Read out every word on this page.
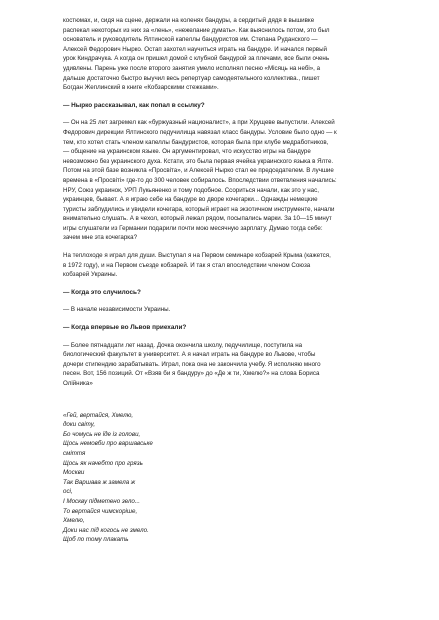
костюмах, и, сидя на сцене, держали на коленях бандуры, а сердитый дядя в вышивке
распекал некоторых из них за «лень», «нежелание думать». Как выяснилось потом, это был
основатель и руководитель Ялтинской капеллы бандуристов им. Степана Руданского —
Алексей Федорович Ныpко. Остап захотел научиться играть на бандуре. И начался первый
урок Киндрачука. А когда он пришел домой с клубной бандурой за плечами, все были очень
удивлены. Парень уже после второго занятия умело исполнял песню «Місяць на небі», а
дальше достаточно быстро выучил весь репертуар самодеятельного коллектива., пишет
Богдан Жеплинский в книге «Кобзарскими стежками».
— Ныpко рассказывал, как попал в ссылку?
— Он на 25 лет загремел как «буржуазный националист», а при Хрущеве выпустили. Алексей
Федорович дирекции Ялтинского педучилища навязал класс бандуры. Условие было одно — к
тем, кто хотел стать членом капеллы бандуристов, которая была при клубе медработников,
— общение на украинском языке. Он аргументировал, что искусство игры на бандуре
невозможно без украинского духа. Кстати, это была первая ячейка украинского языка в Ялте.
Потом на этой базе возникла «Просвіта», и Алексей Ныpко стал ее председателем. В лучшие
времена в «Просвіті» где-то до 300 человек собиралось. Впоследствии ответвления начались:
НРУ, Союз украинок, УРП Лукьяненко и тому подобное. Ссориться начали, как это у нас,
украинцев, бывает. А я играю себе на бандуре во дворе кочегарки... Однажды немецкие
туристы заблудились и увидели кочегара, который играет на экзотичном инструменте, начали
внимательно слушать. А в чехол, который лежал рядом, посыпались марки. За 10—15 минут
игры слушатели из Германии подарили почти мою месячную зарплату. Думаю тогда себе:
зачем мне эта кочегарка?
На теплоходе я играл для души. Выступал я на Первом семинаре кобзарей Крыма (кажется,
в 1972 году), и на Первом съезде кобзарей. И так я стал впоследствии членом Союза
кобзарей Украины.
— Когда это случилось?
— В начале независимости Украины.
— Когда впервые во Львов приехали?
— Более пятнадцати лет назад. Дочка окончила школу, педучилище, поступила на
биологический факультет в университет. А я начал играть на бандуре во Львове, чтобы
дочери стипендию зарабатывать. Играл, пока она не закончила учебу. Я исполняю много
песен. Вот, 156 позиций. От «Взяв би я бандуру» до «Де ж ти, Хмелю?» на слова Бориса
Олійника»
«Гей, вертайся, Хмелю,
доки світу,
Бо чомусь не їде із голови,
Щось немовби про варшавське
сміття
Щось як начебто про грязь
Москви
Так Варшава ж замела ж
осі,
І Москву підметено зело...
То вертайся чимскоріше,
Хмелю,
Доки нас під когось не змело.
Щоб по тому плакать
